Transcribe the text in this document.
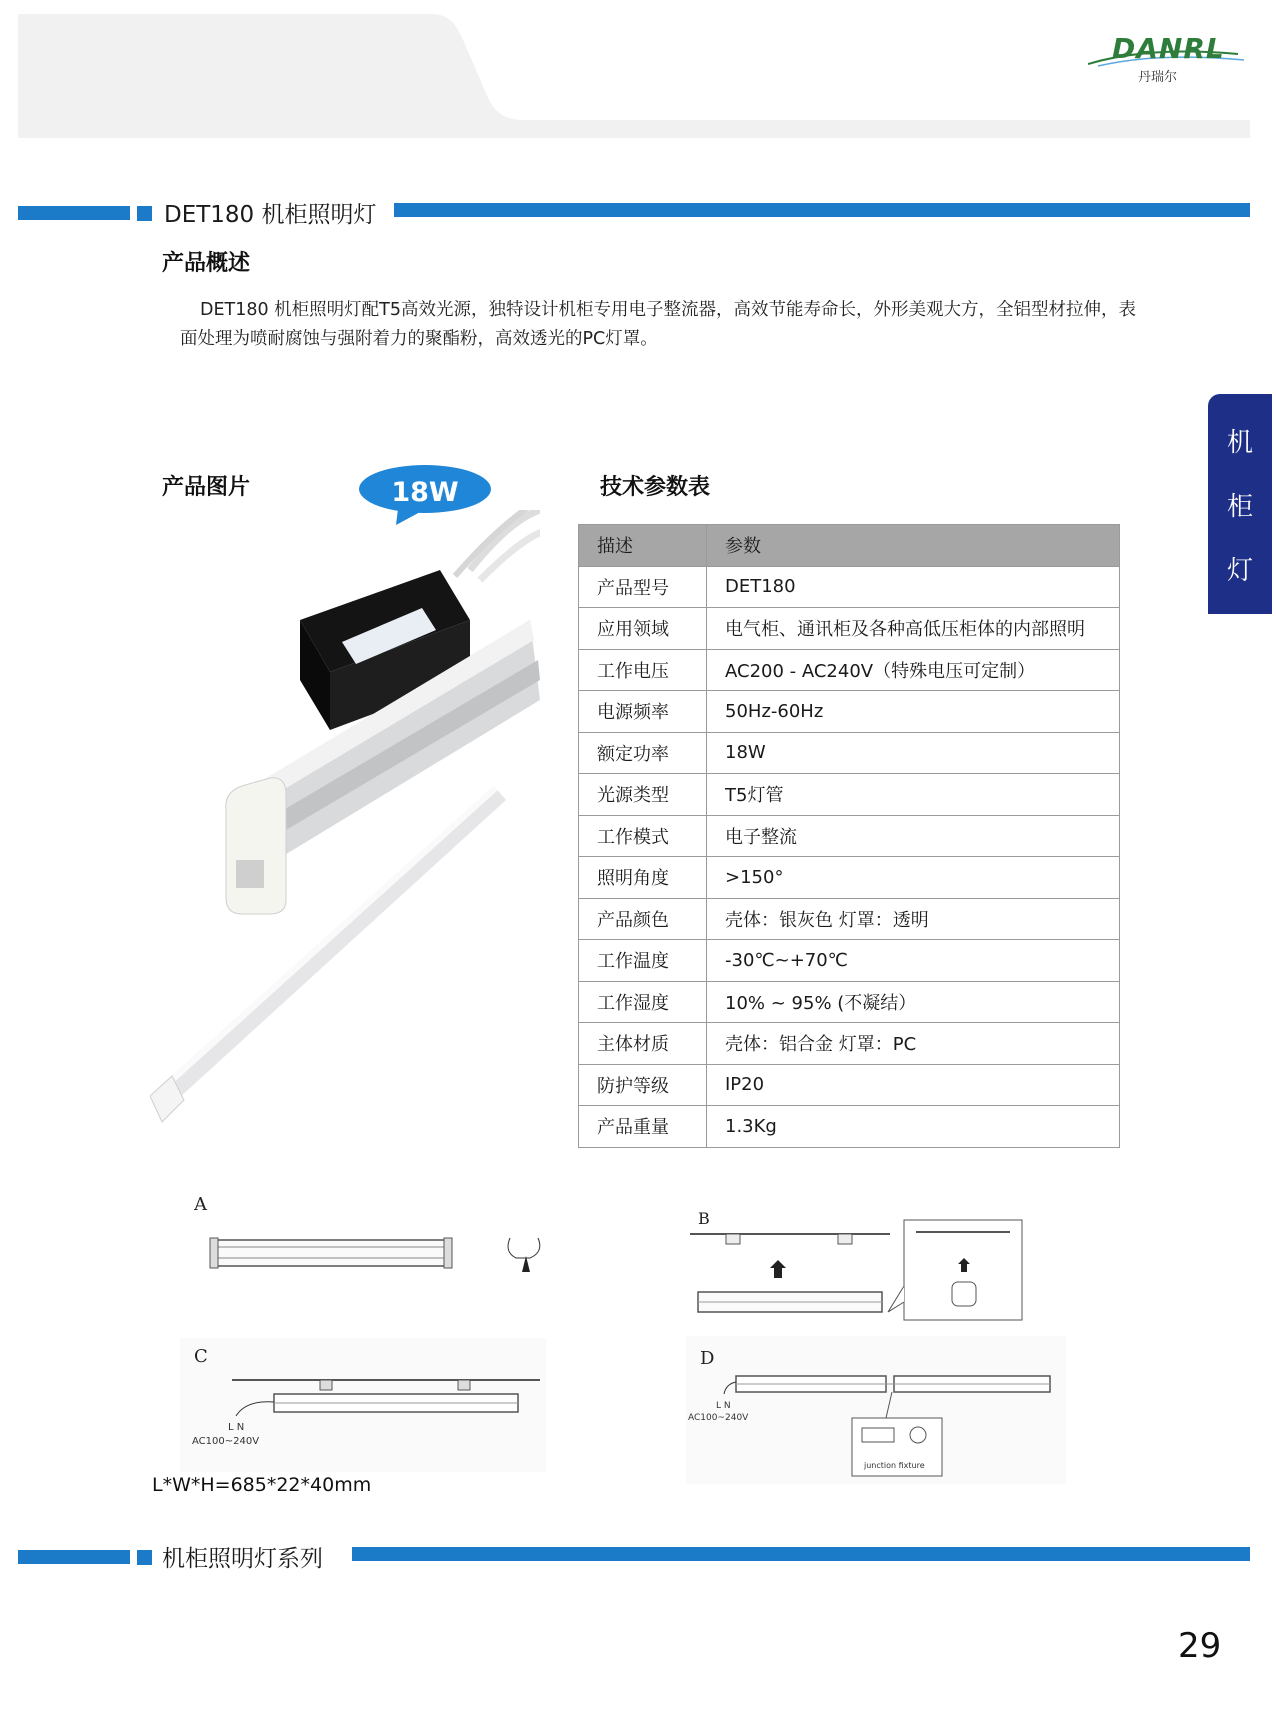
DANRL
丹瑞尔
DET180 机柜照明灯
产品概述
DET180 机柜照明灯配T5高效光源，独特设计机柜专用电子整流器，高效节能寿命长，外形美观大方，全铝型材拉伸，表面处理为喷耐腐蚀与强附着力的聚酯粉，高效透光的PC灯罩。
机
柜
灯
产品图片	18W	技术参数表
描述	参数
产品型号	DET180
应用领域	电气柜、通讯柜及各种高低压柜体的内部照明
工作电压	AC200 - AC240V（特殊电压可定制）
电源频率	50Hz-60Hz
额定功率	18W
光源类型	T5灯管
工作模式	电子整流
照明角度	>150°
产品颜色	壳体：银灰色 灯罩：透明
工作温度	-30℃~+70℃
工作湿度	10% ~ 95% (不凝结）
主体材质	壳体：铝合金 灯罩：PC
防护等级	IP20
产品重量	1.3Kg
A
B
C
L N
AC100~240V
D
L N
AC100~240V
junction fixture
L*W*H=685*22*40mm
机柜照明灯系列
29
